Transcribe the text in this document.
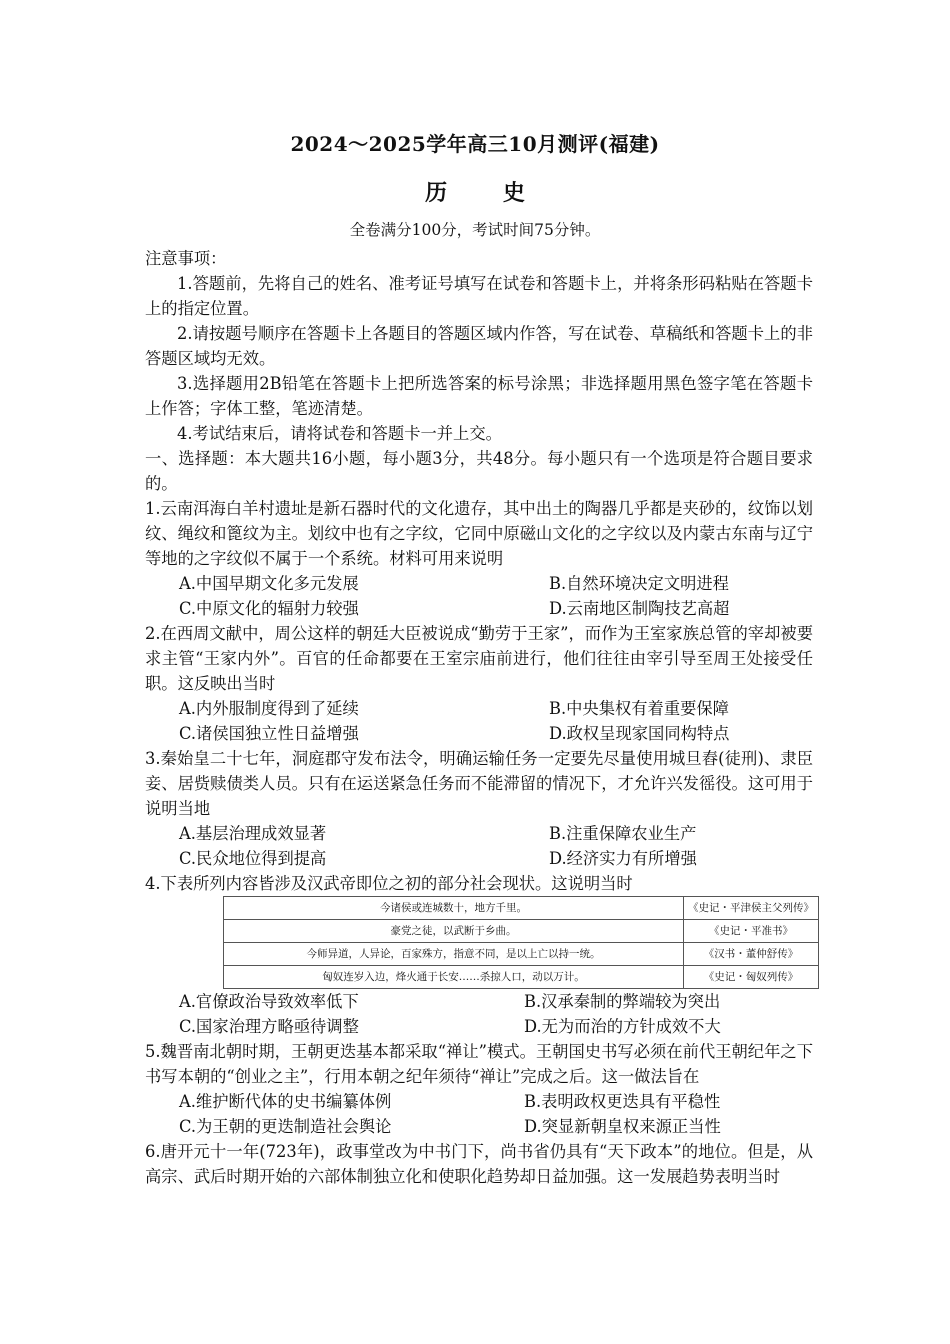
2024～2025学年高三10月测评(福建)
历 史
全卷满分100分，考试时间75分钟。

注意事项：

1.答题前，先将自己的姓名、准考证号填写在试卷和答题卡上，并将条形码粘贴在答题卡上的指定位置。

2.请按题号顺序在答题卡上各题目的答题区域内作答，写在试卷、草稿纸和答题卡上的非答题区域均无效。

3.选择题用2B铅笔在答题卡上把所选答案的标号涂黑；非选择题用黑色签字笔在答题卡上作答；字体工整，笔迹清楚。

4.考试结束后，请将试卷和答题卡一并上交。

一、选择题：本大题共16小题，每小题3分，共48分。每小题只有一个选项是符合题目要求的。

1.云南洱海白羊村遗址是新石器时代的文化遗存，其中出土的陶器几乎都是夹砂的，纹饰以划纹、绳纹和篦纹为主。划纹中也有之字纹，它同中原磁山文化的之字纹以及内蒙古东南与辽宁等地的之字纹似不属于一个系统。材料可用来说明

A.中国早期文化多元发展	B.自然环境决定文明进程
C.中原文化的辐射力较强	D.云南地区制陶技艺高超

2.在西周文献中，周公这样的朝廷大臣被说成“勤劳于王家”，而作为王室家族总管的宰却被要求主管“王家内外”。百官的任命都要在王室宗庙前进行，他们往往由宰引导至周王处接受任职。这反映出当时

A.内外服制度得到了延续	B.中央集权有着重要保障
C.诸侯国独立性日益增强	D.政权呈现家国同构特点

3.秦始皇二十七年，洞庭郡守发布法令，明确运输任务一定要先尽量使用城旦舂(徒刑)、隶臣妾、居赀赎债类人员。只有在运送紧急任务而不能滞留的情况下，才允许兴发徭役。这可用于说明当地

A.基层治理成效显著	B.注重保障农业生产
C.民众地位得到提高	D.经济实力有所增强

4.下表所列内容皆涉及汉武帝即位之初的部分社会现状。这说明当时

今诸侯或连城数十，地方千里。	《史记・平津侯主父列传》
豪党之徒，以武断于乡曲。	《史记・平准书》
今师异道，人异论，百家殊方，指意不同，是以上亡以持一统。	《汉书・董仲舒传》
匈奴连岁入边，烽火通于长安……杀掠人口，动以万计。	《史记・匈奴列传》
A.官僚政治导致效率低下	B.汉承秦制的弊端较为突出
C.国家治理方略亟待调整	D.无为而治的方针成效不大

5.魏晋南北朝时期，王朝更迭基本都采取“禅让”模式。王朝国史书写必须在前代王朝纪年之下书写本朝的“创业之主”，行用本朝之纪年须待“禅让”完成之后。这一做法旨在

A.维护断代体的史书编纂体例	B.表明政权更迭具有平稳性
C.为王朝的更迭制造社会舆论	D.突显新朝皇权来源正当性

6.唐开元十一年(723年)，政事堂改为中书门下，尚书省仍具有“天下政本”的地位。但是，从高宗、武后时期开始的六部体制独立化和使职化趋势却日益加强。这一发展趋势表明当时
